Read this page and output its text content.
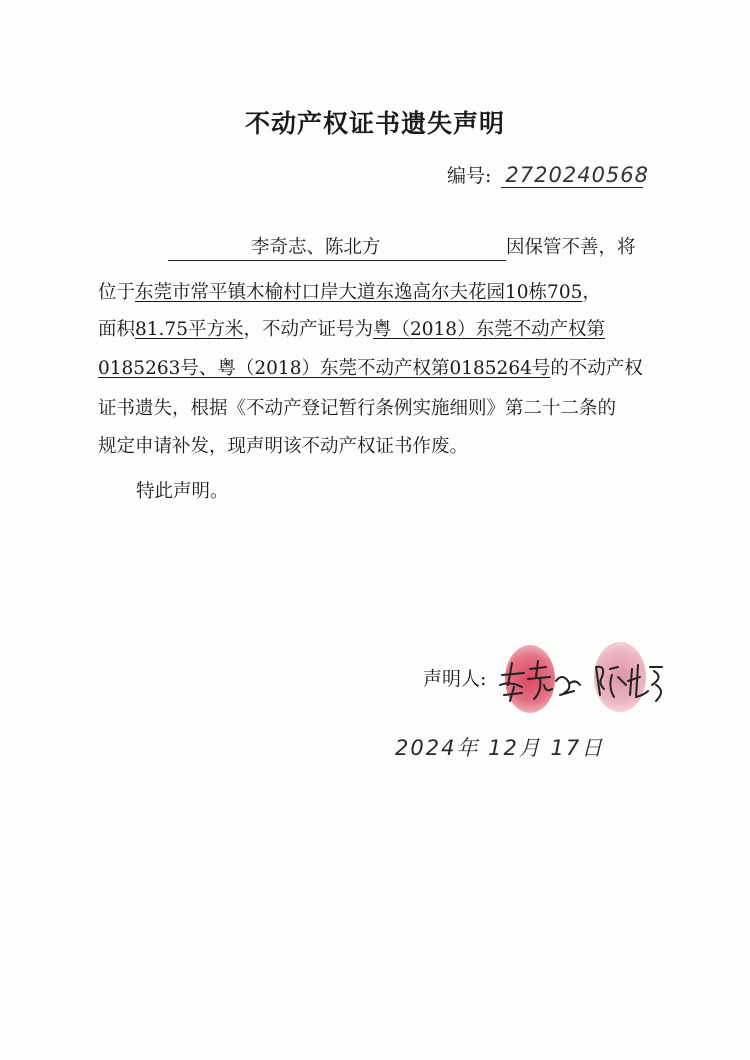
不动产权证书遗失声明
编号: 2720240568
李奇志、陈北方	因保管不善，将
位于东莞市常平镇木榆村口岸大道东逸高尔夫花园10栋705，
面积81.75平方米，不动产证号为粤（2018）东莞不动产权第
0185263号、粤（2018）东莞不动产权第0185264号的不动产权
证书遗失，根据《不动产登记暂行条例实施细则》第二十二条的
规定申请补发，现声明该不动产权证书作废。
特此声明。
声明人:
2024年 12月 17日
